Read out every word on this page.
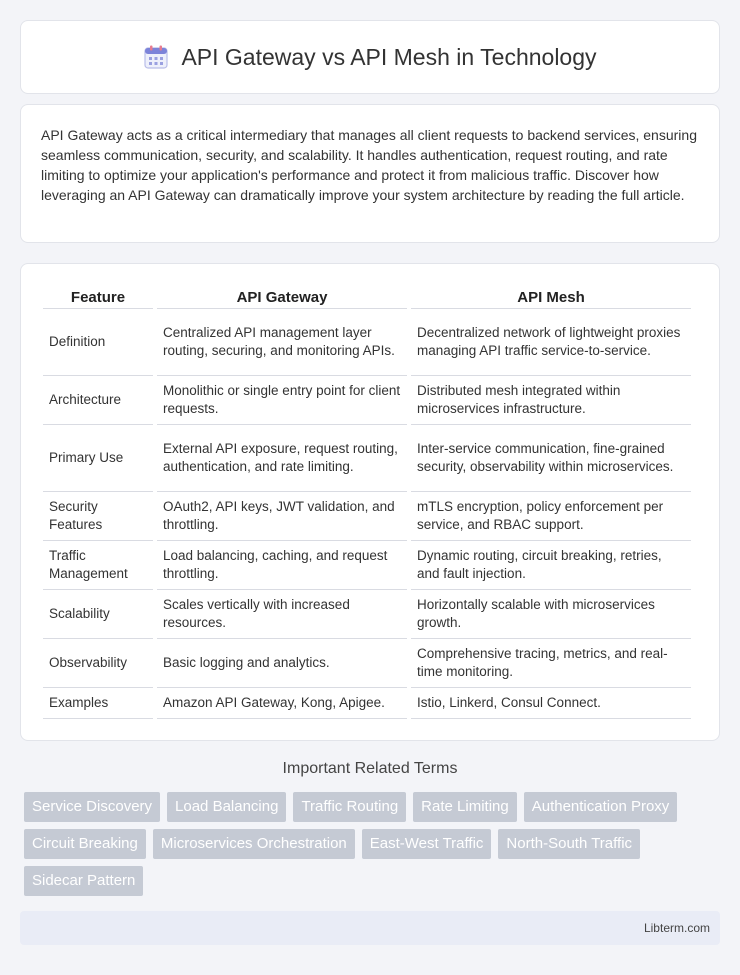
API Gateway vs API Mesh in Technology

API Gateway acts as a critical intermediary that manages all client requests to backend services, ensuring seamless communication, security, and scalability. It handles authentication, request routing, and rate limiting to optimize your application's performance and protect it from malicious traffic. Discover how leveraging an API Gateway can dramatically improve your system architecture by reading the full article.

Feature	API Gateway	API Mesh
Definition	Centralized API management layer routing, securing, and monitoring APIs.	Decentralized network of lightweight proxies managing API traffic service-to-service.
Architecture	Monolithic or single entry point for client requests.	Distributed mesh integrated within microservices infrastructure.
Primary Use	External API exposure, request routing, authentication, and rate limiting.	Inter-service communication, fine-grained security, observability within microservices.
Security Features	OAuth2, API keys, JWT validation, and throttling.	mTLS encryption, policy enforcement per service, and RBAC support.
Traffic Management	Load balancing, caching, and request throttling.	Dynamic routing, circuit breaking, retries, and fault injection.
Scalability	Scales vertically with increased resources.	Horizontally scalable with microservices growth.
Observability	Basic logging and analytics.	Comprehensive tracing, metrics, and real-time monitoring.
Examples	Amazon API Gateway, Kong, Apigee.	Istio, Linkerd, Consul Connect.
Important Related Terms
Service Discovery	Load Balancing	Traffic Routing	Rate Limiting	Authentication Proxy
Circuit Breaking	Microservices Orchestration	East-West Traffic	North-South Traffic
Sidecar Pattern
Libterm.com
